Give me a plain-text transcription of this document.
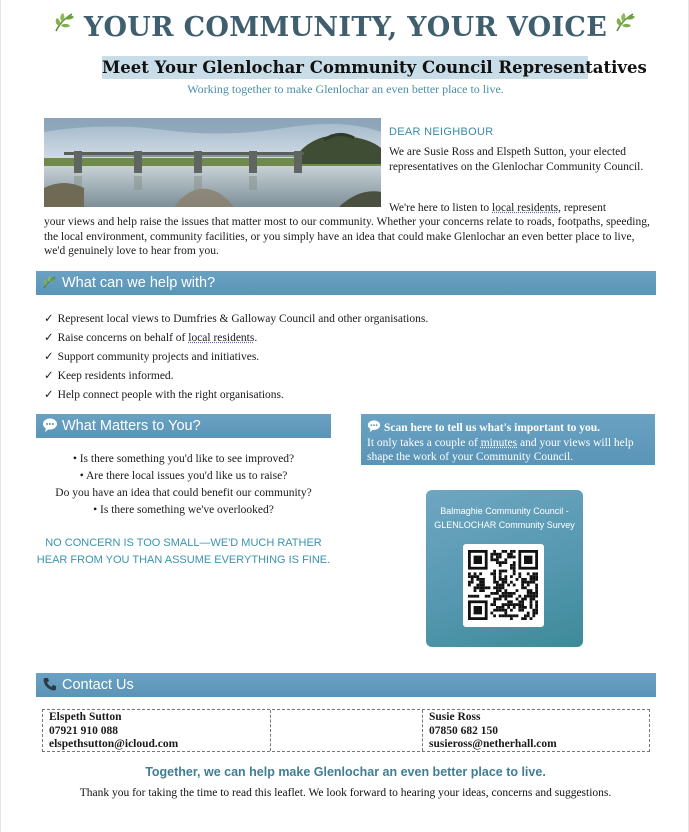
YOUR COMMUNITY, YOUR VOICE
Meet Your Glenlochar Community Council Representatives
Working together to make Glenlochar an even better place to live.
DEAR NEIGHBOUR
We are Susie Ross and Elspeth Sutton, your elected representatives on the Glenlochar Community Council.
We're here to listen to local residents, represent
your views and help raise the issues that matter most to our community. Whether your concerns relate to roads, footpaths, speeding, the local environment, community facilities, or you simply have an idea that could make Glenlochar an even better place to live, we'd genuinely love to hear from you.
What can we help with?
✓ Represent local views to Dumfries & Galloway Council and other organisations.
✓ Raise concerns on behalf of local residents.
✓ Support community projects and initiatives.
✓ Keep residents informed.
✓ Help connect people with the right organisations.
What Matters to You?
• Is there something you'd like to see improved?
• Are there local issues you'd like us to raise?
Do you have an idea that could benefit our community?
• Is there something we've overlooked?
NO CONCERN IS TOO SMALL—WE'D MUCH RATHER HEAR FROM YOU THAN ASSUME EVERYTHING IS FINE.
Scan here to tell us what's important to you.
It only takes a couple of minutes and your views will help shape the work of your Community Council.
Balmaghie Community Council -
GLENLOCHAR Community Survey
Contact Us
Elspeth Sutton
07921 910 088
elspethsutton@icloud.com
Susie Ross
07850 682 150
susieross@netherhall.com
Together, we can help make Glenlochar an even better place to live.
Thank you for taking the time to read this leaflet. We look forward to hearing your ideas, concerns and suggestions.
